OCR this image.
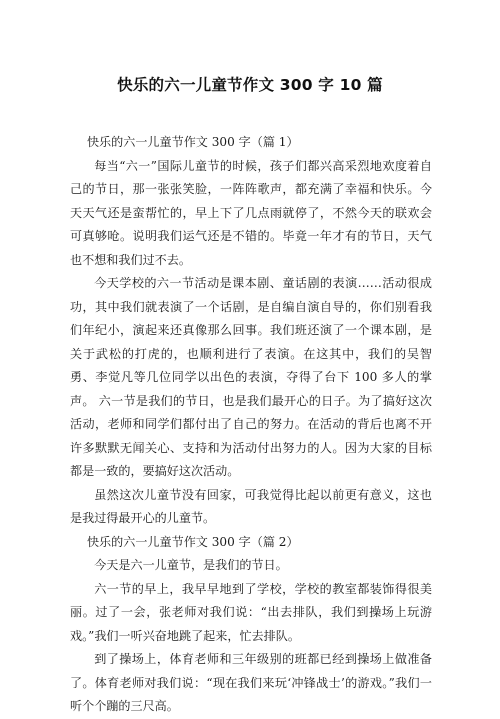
快乐的六一儿童节作文 300 字 10 篇

快乐的六一儿童节作文 300 字（篇 1）

每当“六一”国际儿童节的时候，孩子们都兴高采烈地欢度着自己的节日，那一张张笑脸，一阵阵歌声，都充满了幸福和快乐。今天天气还是蛮帮忙的，早上下了几点雨就停了，不然今天的联欢会可真够呛。说明我们运气还是不错的。毕竟一年才有的节日，天气也不想和我们过不去。

今天学校的六一节活动是课本剧、童话剧的表演……活动很成功，其中我们就表演了一个话剧，是自编自演自导的，你们别看我们年纪小，演起来还真像那么回事。我们班还演了一个课本剧，是关于武松的打虎的，也顺利进行了表演。在这其中，我们的吴智勇、李觉凡等几位同学以出色的表演，夺得了台下 100 多人的掌声。 六一节是我们的节日，也是我们最开心的日子。为了搞好这次活动，老师和同学们都付出了自己的努力。在活动的背后也离不开许多默默无闻关心、支持和为活动付出努力的人。因为大家的目标都是一致的，要搞好这次活动。

虽然这次儿童节没有回家，可我觉得比起以前更有意义，这也是我过得最开心的儿童节。

快乐的六一儿童节作文 300 字（篇 2）

今天是六一儿童节，是我们的节日。

六一节的早上，我早早地到了学校，学校的教室都装饰得很美丽。过了一会，张老师对我们说：“出去排队，我们到操场上玩游戏。”我们一听兴奋地跳了起来，忙去排队。

到了操场上，体育老师和三年级别的班都已经到操场上做准备了。体育老师对我们说：“现在我们来玩‘冲锋战士’的游戏。”我们一听个个蹦的三尺高。
